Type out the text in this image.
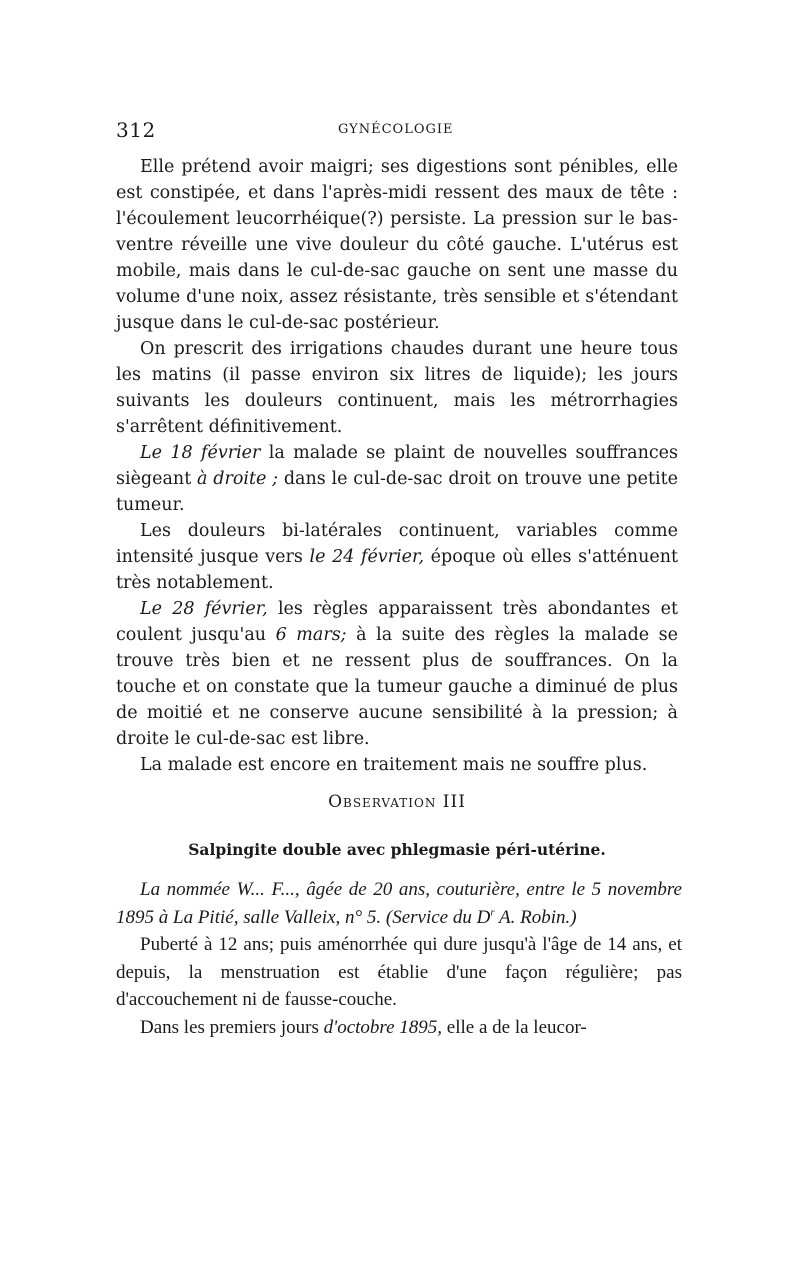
312	GYNÉCOLOGIE

Elle prétend avoir maigri; ses digestions sont pénibles, elle est constipée, et dans l'après-midi ressent des maux de tête : l'écoulement leucorrhéique(?) persiste. La pression sur le bas-ventre réveille une vive douleur du côté gauche. L'utérus est mobile, mais dans le cul-de-sac gauche on sent une masse du volume d'une noix, assez résistante, très sensible et s'étendant jusque dans le cul-de-sac postérieur.

On prescrit des irrigations chaudes durant une heure tous les matins (il passe environ six litres de liquide); les jours suivants les douleurs continuent, mais les métrorrhagies s'arrêtent définitivement.

Le 18 février la malade se plaint de nouvelles souffrances siègeant à droite ; dans le cul-de-sac droit on trouve une petite tumeur.

Les douleurs bi-latérales continuent, variables comme intensité jusque vers le 24 février, époque où elles s'atténuent très notablement.

Le 28 février, les règles apparaissent très abondantes et coulent jusqu'au 6 mars; à la suite des règles la malade se trouve très bien et ne ressent plus de souffrances. On la touche et on constate que la tumeur gauche a diminué de plus de moitié et ne conserve aucune sensibilité à la pression; à droite le cul-de-sac est libre.

La malade est encore en traitement mais ne souffre plus.

Observation III
Salpingite double avec phlegmasie péri-utérine.

La nommée W... F..., âgée de 20 ans, couturière, entre le 5 novembre 1895 à La Pitié, salle Valleix, n° 5. (Service du $D^r$ A. Robin.)

Puberté à 12 ans; puis aménorrhée qui dure jusqu'à l'âge de 14 ans, et depuis, la menstruation est établie d'une façon régulière; pas d'accouchement ni de fausse-couche.

Dans les premiers jours d'octobre 1895, elle a de la leucor-
